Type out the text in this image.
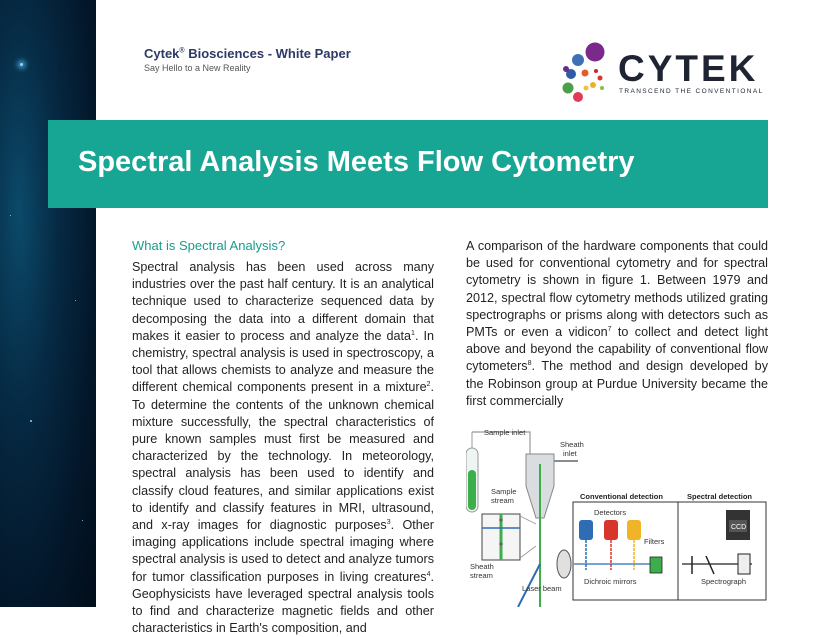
Cytek® Biosciences - White Paper
Say Hello to a New Reality	CYTEK
TRANSCEND THE CONVENTIONAL
Spectral Analysis Meets Flow Cytometry
What is Spectral Analysis?

Spectral analysis has been used across many industries over the past half century. It is an analytical technique used to characterize sequenced data by decomposing the data into a different domain that makes it easier to process and analyze the data$^1$. In chemistry, spectral analysis is used in spectroscopy, a tool that allows chemists to analyze and measure the different chemical components present in a mixture$^2$. To determine the contents of the unknown chemical mixture successfully, the spectral characteristics of pure known samples must first be measured and characterized by the technology. In meteorology, spectral analysis has been used to identify and classify cloud features, and similar applications exist to identify and classify features in MRI, ultrasound, and x-ray images for diagnostic purposes$^3$. Other imaging applications include spectral imaging where spectral analysis is used to detect and analyze tumors for tumor classification purposes in living creatures$^4$. Geophysicists have leveraged spectral analysis tools to find and characterize magnetic fields and other characteristics in Earth's composition, and

A comparison of the hardware components that could be used for conventional cytometry and for spectral cytometry is shown in figure 1. Between 1979 and 2012, spectral flow cytometry methods utilized grating spectrographs or prisms along with detectors such as PMTs or even a vidicon$^7$ to collect and detect light above and beyond the capability of conventional flow cytometers$^8$. The method and design developed by the Robinson group at Purdue University became the first commercially

Sample inlet
Sheath
inlet
Sample
stream
Sheath
stream
Laser beam
Conventional detection	Spectral detection
Detectors
Filters
Dichroic mirrors
CCD
Spectrograph
